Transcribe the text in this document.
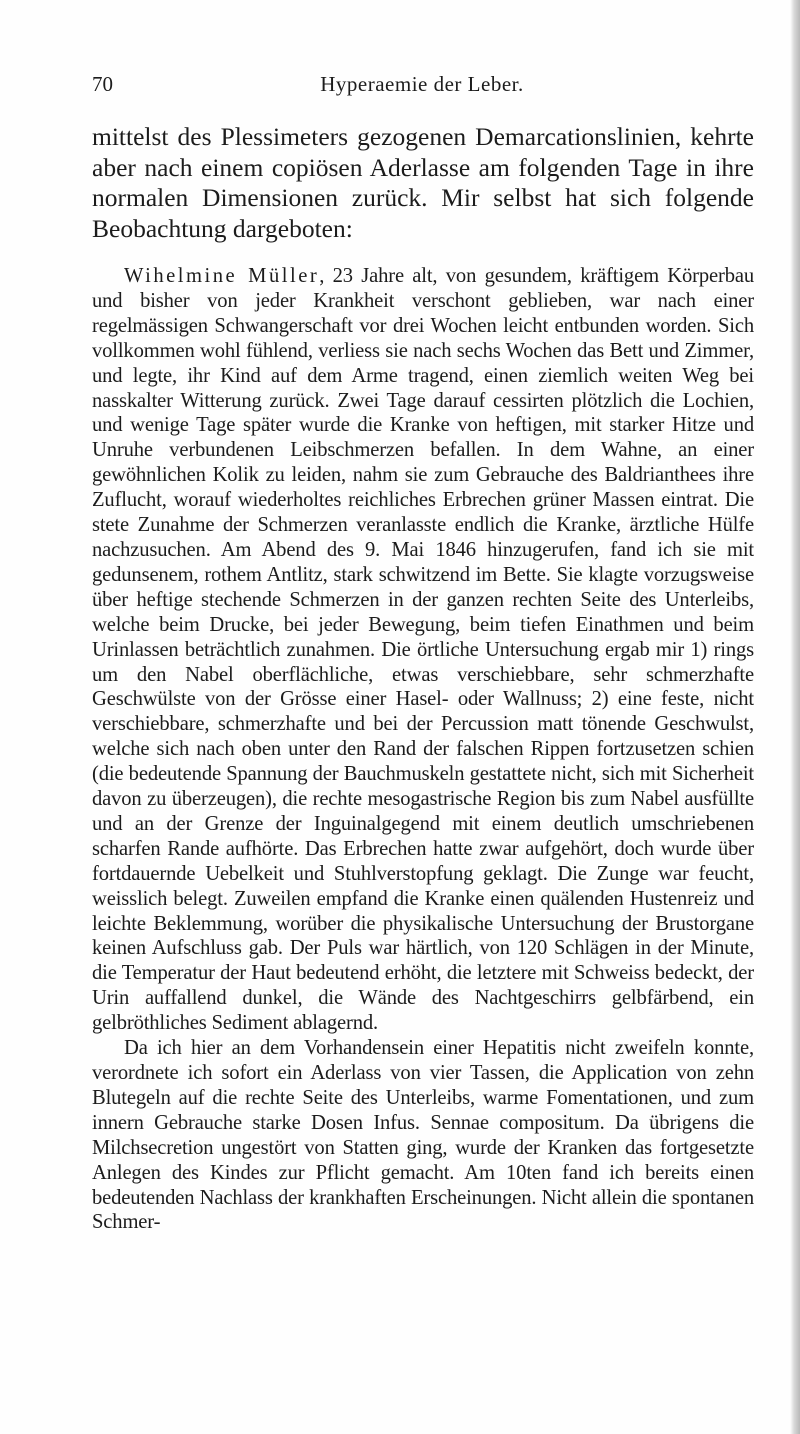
70	Hyperaemie der Leber.

mittelst des Plessimeters gezogenen Demarcationslinien, kehrte aber nach einem copiösen Aderlasse am folgenden Tage in ihre normalen Dimensionen zurück. Mir selbst hat sich folgende Beobachtung dargeboten:

Wihelmine Müller, 23 Jahre alt, von gesundem, kräftigem Körperbau und bisher von jeder Krankheit verschont geblieben, war nach einer regelmässigen Schwangerschaft vor drei Wochen leicht entbunden worden. Sich vollkommen wohl fühlend, verliess sie nach sechs Wochen das Bett und Zimmer, und legte, ihr Kind auf dem Arme tragend, einen ziemlich weiten Weg bei nasskalter Witterung zurück. Zwei Tage darauf cessirten plötzlich die Lochien, und wenige Tage später wurde die Kranke von heftigen, mit starker Hitze und Unruhe verbundenen Leibschmerzen befallen. In dem Wahne, an einer gewöhnlichen Kolik zu leiden, nahm sie zum Gebrauche des Baldrianthees ihre Zuflucht, worauf wiederholtes reichliches Erbrechen grüner Massen eintrat. Die stete Zunahme der Schmerzen veranlasste endlich die Kranke, ärztliche Hülfe nachzusuchen. Am Abend des 9. Mai 1846 hinzugerufen, fand ich sie mit gedunsenem, rothem Antlitz, stark schwitzend im Bette. Sie klagte vorzugsweise über heftige stechende Schmerzen in der ganzen rechten Seite des Unterleibs, welche beim Drucke, bei jeder Bewegung, beim tiefen Einathmen und beim Urinlassen beträchtlich zunahmen. Die örtliche Untersuchung ergab mir 1) rings um den Nabel oberflächliche, etwas verschiebbare, sehr schmerzhafte Geschwülste von der Grösse einer Hasel- oder Wallnuss; 2) eine feste, nicht verschiebbare, schmerzhafte und bei der Percussion matt tönende Geschwulst, welche sich nach oben unter den Rand der falschen Rippen fortzusetzen schien (die bedeutende Spannung der Bauchmuskeln gestattete nicht, sich mit Sicherheit davon zu überzeugen), die rechte mesogastrische Region bis zum Nabel ausfüllte und an der Grenze der Inguinalgegend mit einem deutlich umschriebenen scharfen Rande aufhörte. Das Erbrechen hatte zwar aufgehört, doch wurde über fortdauernde Uebelkeit und Stuhlverstopfung geklagt. Die Zunge war feucht, weisslich belegt. Zuweilen empfand die Kranke einen quälenden Hustenreiz und leichte Beklemmung, worüber die physikalische Untersuchung der Brustorgane keinen Aufschluss gab. Der Puls war härtlich, von 120 Schlägen in der Minute, die Temperatur der Haut bedeutend erhöht, die letztere mit Schweiss bedeckt, der Urin auffallend dunkel, die Wände des Nachtgeschirrs gelbfärbend, ein gelbröthliches Sediment ablagernd.

Da ich hier an dem Vorhandensein einer Hepatitis nicht zweifeln konnte, verordnete ich sofort ein Aderlass von vier Tassen, die Application von zehn Blutegeln auf die rechte Seite des Unterleibs, warme Fomentationen, und zum innern Gebrauche starke Dosen Infus. Sennae compositum. Da übrigens die Milchsecretion ungestört von Statten ging, wurde der Kranken das fortgesetzte Anlegen des Kindes zur Pflicht gemacht. Am 10ten fand ich bereits einen bedeutenden Nachlass der krankhaften Erscheinungen. Nicht allein die spontanen Schmer-
